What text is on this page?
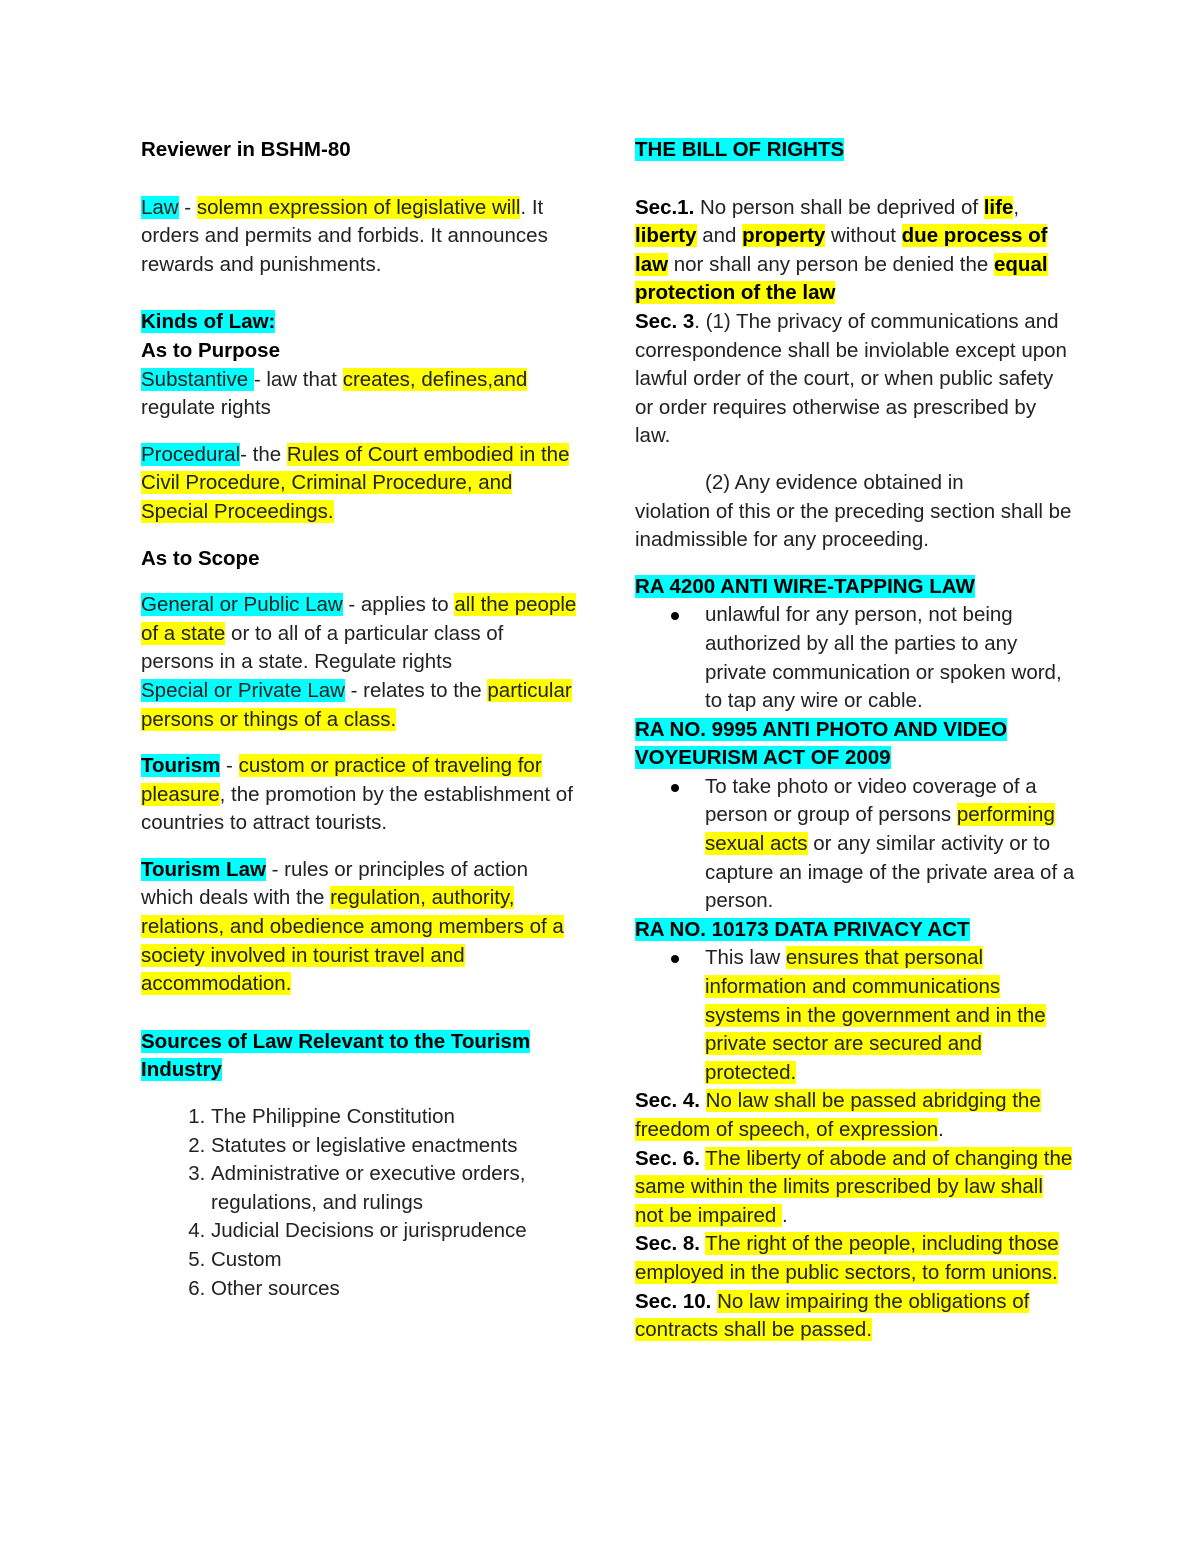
Reviewer in BSHM-80

Law - solemn expression of legislative will. It orders and permits and forbids. It announces rewards and punishments.

Kinds of Law:

As to Purpose

Substantive - law that creates, defines,and regulate rights

Procedural- the Rules of Court embodied in the Civil Procedure, Criminal Procedure, and Special Proceedings.

As to Scope

General or Public Law - applies to all the people of a state or to all of a particular class of persons in a state. Regulate rights

Special or Private Law - relates to the particular persons or things of a class.

Tourism - custom or practice of traveling for pleasure, the promotion by the establishment of countries to attract tourists.

Tourism Law - rules or principles of action which deals with the regulation, authority, relations, and obedience among members of a society involved in tourist travel and accommodation.

Sources of Law Relevant to the Tourism Industry

1. The Philippine Constitution
2. Statutes or legislative enactments
3. Administrative or executive orders, regulations, and rulings
4. Judicial Decisions or jurisprudence
5. Custom
6. Other sources

THE BILL OF RIGHTS

Sec.1. No person shall be deprived of life, liberty and property without due process of law nor shall any person be denied the equal protection of the law

Sec. 3. (1) The privacy of communications and correspondence shall be inviolable except upon lawful order of the court, or when public safety or order requires otherwise as prescribed by law.

(2) Any evidence obtained in
violation of this or the preceding section shall be inadmissible for any proceeding.

RA 4200 ANTI WIRE-TAPPING LAW

unlawful for any person, not being authorized by all the parties to any private communication or spoken word, to tap any wire or cable.

RA NO. 9995 ANTI PHOTO AND VIDEO VOYEURISM ACT OF 2009

To take photo or video coverage of a person or group of persons performing sexual acts or any similar activity or to capture an image of the private area of a person.

RA NO. 10173 DATA PRIVACY ACT

This law ensures that personal information and communications systems in the government and in the private sector are secured and protected.

Sec. 4. No law shall be passed abridging the freedom of speech, of expression.

Sec. 6. The liberty of abode and of changing the same within the limits prescribed by law shall not be impaired .

Sec. 8. The right of the people, including those employed in the public sectors, to form unions.

Sec. 10. No law impairing the obligations of contracts shall be passed.
